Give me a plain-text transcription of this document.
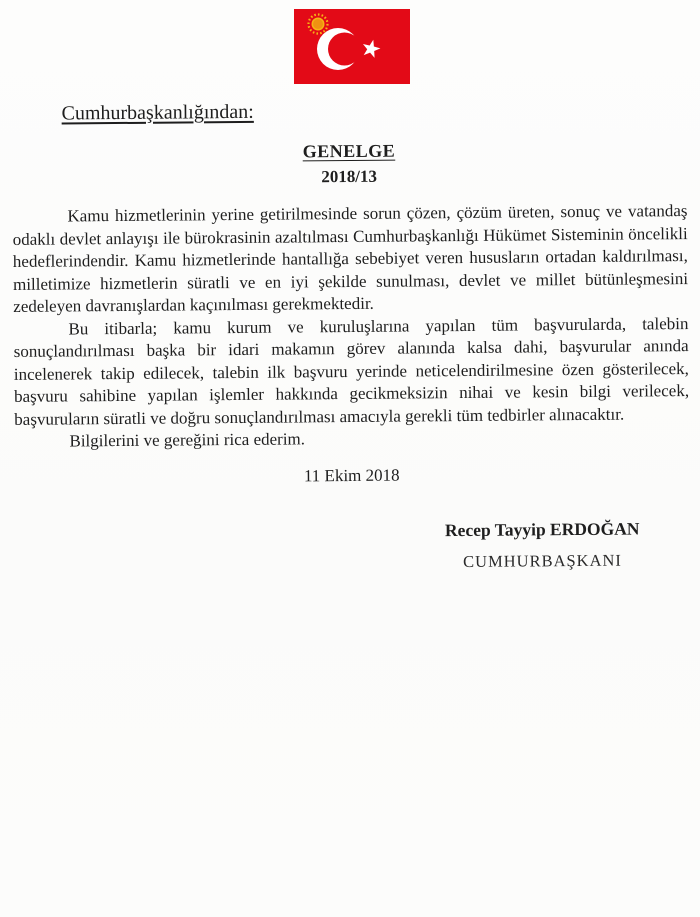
Cumhurbaşkanlığından:
GENELGE
2018/13

Kamu hizmetlerinin yerine getirilmesinde sorun çözen, çözüm üreten, sonuç ve vatandaş odaklı devlet anlayışı ile bürokrasinin azaltılması Cumhurbaşkanlığı Hükümet Sisteminin öncelikli hedeflerindendir. Kamu hizmetlerinde hantallığa sebebiyet veren hususların ortadan kaldırılması, milletimize hizmetlerin süratli ve en iyi şekilde sunulması, devlet ve millet bütünleşmesini zedeleyen davranışlardan kaçınılması gerekmektedir.

Bu itibarla; kamu kurum ve kuruluşlarına yapılan tüm başvurularda, talebin sonuçlandırılması başka bir idari makamın görev alanında kalsa dahi, başvurular anında incelenerek takip edilecek, talebin ilk başvuru yerinde neticelendirilmesine özen gösterilecek, başvuru sahibine yapılan işlemler hakkında gecikmeksizin nihai ve kesin bilgi verilecek, başvuruların süratli ve doğru sonuçlandırılması amacıyla gerekli tüm tedbirler alınacaktır.

Bilgilerini ve gereğini rica ederim.

11 Ekim 2018
Recep Tayyip ERDOĞAN
CUMHURBAŞKANI
